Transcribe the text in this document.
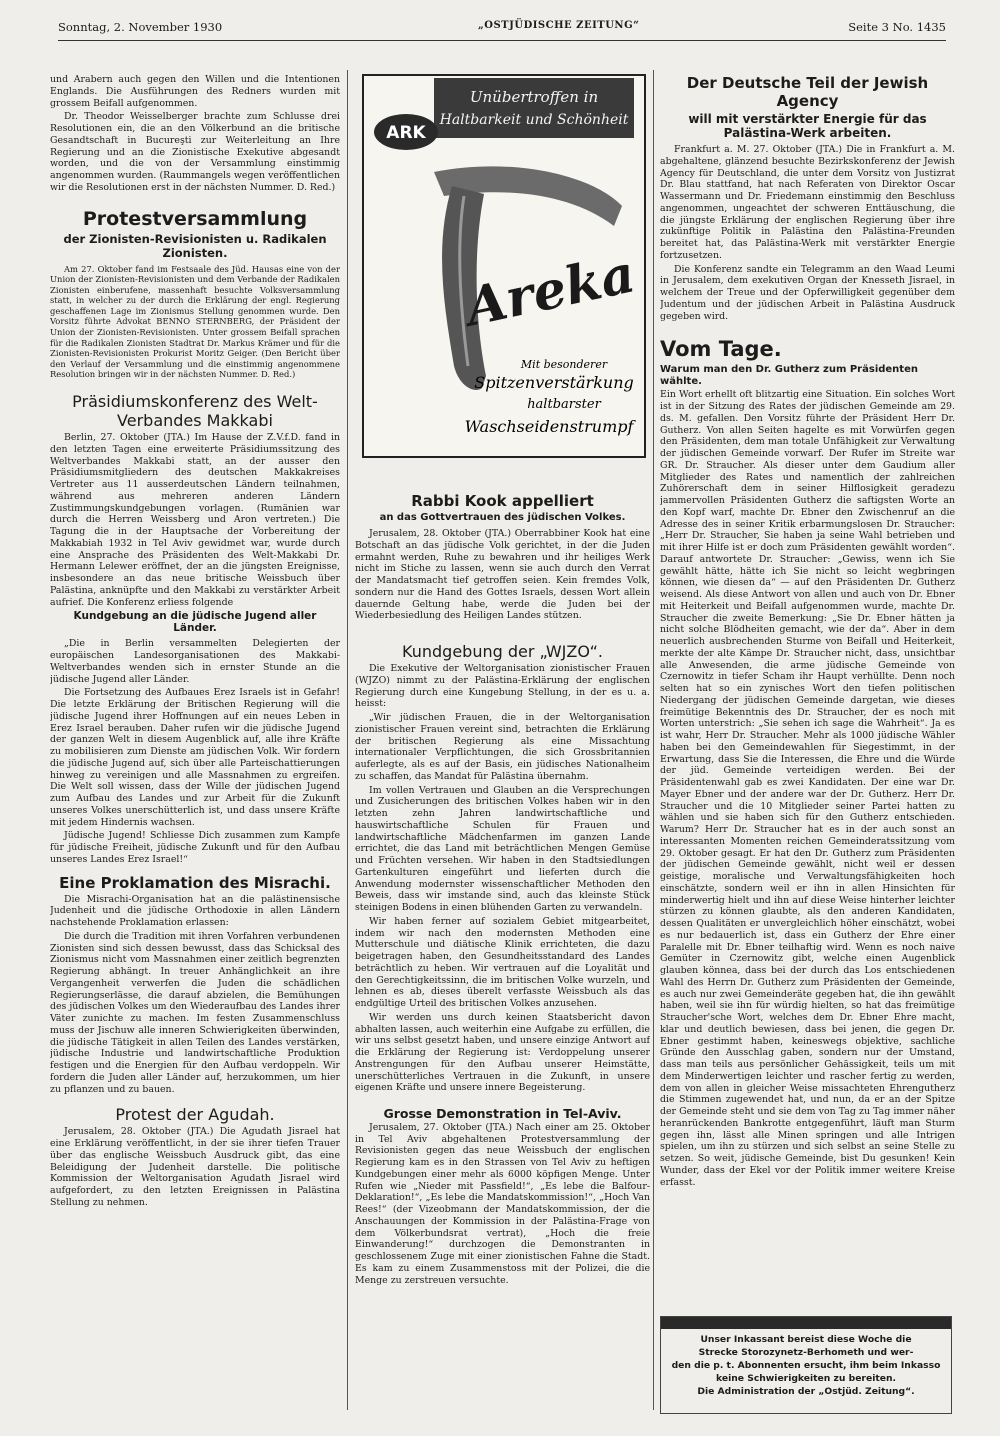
Sonntag, 2. November 1930	„OSTJÜDISCHE ZEITUNG“	Seite 3 No. 1435

und Arabern auch gegen den Willen und die Intentionen Englands. Die Ausführungen des Redners wurden mit grossem Beifall aufgenommen.

Dr. Theodor Weisselberger brachte zum Schlusse drei Resolutionen ein, die an den Völkerbund an die britische Gesandtschaft in Bucureşti zur Weiterleitung an Ihre Regierung und an die Zionistische Exekutive abgesandt worden, und die von der Versammlung einstimmig angenommen wurden. (Raummangels wegen veröffentlichen wir die Resolutionen erst in der nächsten Nummer. D. Red.)

Protestversammlung
der Zionisten-Revisionisten u. Radikalen Zionisten.

Am 27. Oktober fand im Festsaale des Jüd. Hausas eine von der Union der Zionisten-Revisionisten und dem Verbande der Radikalen Zionisten einberufene, massenhaft besuchte Volksversammlung statt, in welcher zu der durch die Erklärung der engl. Regierung geschaffenen Lage im Zionismus Stellung genommen wurde. Den Vorsitz führte Advokat BENNO STERNBERG, der Präsident der Union der Zionisten-Revisionisten. Unter grossem Beifall sprachen für die Radikalen Zionisten Stadtrat Dr. Markus Krämer und für die Zionisten-Revisionisten Prokurist Moritz Geiger. (Den Bericht über den Verlauf der Versammlung und die einstimmig angenommene Resolution bringen wir in der nächsten Nummer. D. Red.)

Präsidiumskonferenz des Welt-Verbandes Makkabi

Berlin, 27. Oktober (JTA.) Im Hause der Z.V.f.D. fand in den letzten Tagen eine erweiterte Präsidiumssitzung des Weltverbandes Makkabi statt, an der ausser den Präsidiumsmitgliedern des deutschen Makkakreises Vertreter aus 11 ausserdeutschen Ländern teilnahmen, während aus mehreren anderen Ländern Zustimmungskundgebungen vorlagen. (Rumänien war durch die Herren Weissberg und Aron vertreten.) Die Tagung die in der Hauptsache der Vorbereitung der Makkabiah 1932 in Tel Aviv gewidmet war, wurde durch eine Ansprache des Präsidenten des Welt-Makkabi Dr. Hermann Lelewer eröffnet, der an die jüngsten Ereignisse, insbesondere an das neue britische Weissbuch über Palästina, anknüpfte und den Makkabi zu verstärkter Arbeit aufrief. Die Konferenz erliess folgende

Kundgebung an die jüdische Jugend aller Länder.

„Die in Berlin versammelten Delegierten der europäischen Landesorganisationen des Makkabi-Weltverbandes wenden sich in ernster Stunde an die jüdische Jugend aller Länder.

Die Fortsetzung des Aufbaues Erez Israels ist in Gefahr! Die letzte Erklärung der Britischen Regierung will die jüdische Jugend ihrer Hoffnungen auf ein neues Leben in Erez Israel berauben. Daher rufen wir die jüdische Jugend der ganzen Welt in diesem Augenblick auf, alle ihre Kräfte zu mobilisieren zum Dienste am jüdischen Volk. Wir fordern die jüdische Jugend auf, sich über alle Parteischattierungen hinweg zu vereinigen und alle Massnahmen zu ergreifen. Die Welt soll wissen, dass der Wille der jüdischen Jugend zum Aufbau des Landes und zur Arbeit für die Zukunft unseres Volkes unerschütterlich ist, und dass unsere Kräfte mit jedem Hindernis wachsen.

Jüdische Jugend! Schliesse Dich zusammen zum Kampfe für jüdische Freiheit, jüdische Zukunft und für den Aufbau unseres Landes Erez Israel!“

Eine Proklamation des Misrachi.

Die Misrachi-Organisation hat an die palästinensische Judenheit und die jüdische Orthodoxie in allen Ländern nachstehende Proklamation erlassen:

Die durch die Tradition mit ihren Vorfahren verbundenen Zionisten sind sich dessen bewusst, dass das Schicksal des Zionismus nicht vom Massnahmen einer zeitlich begrenzten Regierung abhängt. In treuer Anhänglichkeit an ihre Vergangenheit verwerfen die Juden die schädlichen Regierungserlässe, die darauf abzielen, die Bemühungen des jüdischen Volkes um den Wiederaufbau des Landes ihrer Väter zunichte zu machen. Im festen Zusammenschluss muss der Jischuw alle inneren Schwierigkeiten überwinden, die jüdische Tätigkeit in allen Teilen des Landes verstärken, jüdische Industrie und landwirtschaftliche Produktion festigen und die Energien für den Aufbau verdoppeln. Wir fordern die Juden aller Länder auf, herzukommen, um hier zu pflanzen und zu bauen.

Protest der Agudah.

Jerusalem, 28. Oktober (JTA.) Die Agudath Jisrael hat eine Erklärung veröffentlicht, in der sie ihrer tiefen Trauer über das englische Weissbuch Ausdruck gibt, das eine Beleidigung der Judenheit darstelle. Die politische Kommission der Weltorganisation Agudath Jisrael wird aufgefordert, zu den letzten Ereignissen in Palästina Stellung zu nehmen.

Unübertroffen in
Haltbarkeit und Schönheit
ARK
Areka
Mit besonderer
Spitzenverstärkung
haltbarster
Waschseidenstrumpf
Rabbi Kook appelliert
an das Gottvertrauen des jüdischen Volkes.

Jerusalem, 28. Oktober (JTA.) Oberrabbiner Kook hat eine Botschaft an das jüdische Volk gerichtet, in der die Juden ermahnt werden, Ruhe zu bewahren und ihr heiliges Werk nicht im Stiche zu lassen, wenn sie auch durch den Verrat der Mandatsmacht tief getroffen seien. Kein fremdes Volk, sondern nur die Hand des Gottes Israels, dessen Wort allein dauernde Geltung habe, werde die Juden bei der Wiederbesiedlung des Heiligen Landes stützen.

Kundgebung der „WJZO“.

Die Exekutive der Weltorganisation zionistischer Frauen (WJZO) nimmt zu der Palästina-Erklärung der englischen Regierung durch eine Kungebung Stellung, in der es u. a. heisst:

„Wir jüdischen Frauen, die in der Weltorganisation zionistischer Frauen vereint sind, betrachten die Erklärung der britischen Regierung als eine Missachtung internationaler Verpflichtungen, die sich Grossbritannien auferlegte, als es auf der Basis, ein jüdisches Nationalheim zu schaffen, das Mandat für Palästina übernahm.

Im vollen Vertrauen und Glauben an die Versprechungen und Zusicherungen des britischen Volkes haben wir in den letzten zehn Jahren landwirtschaftliche und hauswirtschaftliche Schulen für Frauen und landwirtschaftliche Mädchenfarmen im ganzen Lande errichtet, die das Land mit beträchtlichen Mengen Gemüse und Früchten versehen. Wir haben in den Stadtsiedlungen Gartenkulturen eingeführt und lieferten durch die Anwendung modernster wissenschaftlicher Methoden den Beweis, dass wir imstande sind, auch das kleinste Stück steinigen Bodens in einen blühenden Garten zu verwandeln.

Wir haben ferner auf sozialem Gebiet mitgearbeitet, indem wir nach den modernsten Methoden eine Mutterschule und diätische Klinik errichteten, die dazu beigetragen haben, den Gesundheitsstandard des Landes beträchtlich zu heben. Wir vertrauen auf die Loyalität und den Gerechtigkeitssinn, die im britischen Volke wurzeln, und lehnen es ab, dieses überelt verfasste Weissbuch als das endgültige Urteil des britischen Volkes anzusehen.

Wir werden uns durch keinen Staatsbericht davon abhalten lassen, auch weiterhin eine Aufgabe zu erfüllen, die wir uns selbst gesetzt haben, und unsere einzige Antwort auf die Erklärung der Regierung ist: Verdoppelung unserer Anstrengungen für den Aufbau unserer Heimstätte, unerschütterliches Vertrauen in die Zukunft, in unsere eigenen Kräfte und unsere innere Begeisterung.

Grosse Demonstration in Tel-Aviv.

Jerusalem, 27. Oktober (JTA.) Nach einer am 25. Oktober in Tel Aviv abgehaltenen Protestversammlung der Revisionisten gegen das neue Weissbuch der englischen Regierung kam es in den Strassen von Tel Aviv zu heftigen Kundgebungen einer mehr als 6000 köpfigen Menge. Unter Rufen wie „Nieder mit Passfield!“, „Es lebe die Balfour-Deklaration!“, „Es lebe die Mandatskommission!“, „Hoch Van Rees!“ (der Vizeobmann der Mandatskommission, der die Anschauungen der Kommission in der Palästina-Frage von dem Völkerbundsrat vertrat), „Hoch die freie Einwanderung!“ durchzogen die Demonstranten in geschlossenem Zuge mit einer zionistischen Fahne die Stadt. Es kam zu einem Zusammenstoss mit der Polizei, die die Menge zu zerstreuen versuchte.

Der Deutsche Teil der Jewish Agency
will mit verstärkter Energie für das Palästina-Werk arbeiten.

Frankfurt a. M. 27. Oktober (JTA.) Die in Frankfurt a. M. abgehaltene, glänzend besuchte Bezirkskonferenz der Jewish Agency für Deutschland, die unter dem Vorsitz von Justizrat Dr. Blau stattfand, hat nach Referaten von Direktor Oscar Wassermann und Dr. Friedemann einstimmig den Beschluss angenommen, ungeachtet der schweren Enttäuschung, die die jüngste Erklärung der englischen Regierung über ihre zukünftige Politik in Palästina den Palästina-Freunden bereitet hat, das Palästina-Werk mit verstärkter Energie fortzusetzen.

Die Konferenz sandte ein Telegramm an den Waad Leumi in Jerusalem, dem exekutiven Organ der Knesseth Jisrael, in welchem der Treue und der Opferwilligkeit gegenüber dem Judentum und der jüdischen Arbeit in Palästina Ausdruck gegeben wird.

Vom Tage.
Warum man den Dr. Gutherz zum Präsidenten wählte.

Ein Wort erhellt oft blitzartig eine Situation. Ein solches Wort ist in der Sitzung des Rates der jüdischen Gemeinde am 29. ds. M. gefallen. Den Vorsitz führte der Präsident Herr Dr. Gutherz. Von allen Seiten hagelte es mit Vorwürfen gegen den Präsidenten, dem man totale Unfähigkeit zur Verwaltung der jüdischen Gemeinde vorwarf. Der Rufer im Streite war GR. Dr. Straucher. Als dieser unter dem Gaudium aller Mitglieder des Rates und namentlich der zahlreichen Zuhörerschaft dem in seiner Hilflosigkeit geradezu jammervollen Präsidenten Gutherz die saftigsten Worte an den Kopf warf, machte Dr. Ebner den Zwischenruf an die Adresse des in seiner Kritik erbarmungslosen Dr. Straucher: „Herr Dr. Straucher, Sie haben ja seine Wahl betrieben und mit ihrer Hilfe ist er doch zum Präsidenten gewählt worden“. Darauf antwortete Dr. Straucher: „Gewiss, wenn ich Sie gewählt hätte, hätte ich Sie nicht so leicht wegbringen können, wie diesen da“ — auf den Präsidenten Dr. Gutherz weisend. Als diese Antwort von allen und auch von Dr. Ebner mit Heiterkeit und Beifall aufgenommen wurde, machte Dr. Straucher die zweite Bemerkung: „Sie Dr. Ebner hätten ja nicht solche Blödheiten gemacht, wie der da“. Aber in dem neuerlich ausbrechenden Sturme von Beifall und Heiterkeit, merkte der alte Kämpe Dr. Straucher nicht, dass, unsichtbar alle Anwesenden, die arme jüdische Gemeinde von Czernowitz in tiefer Scham ihr Haupt verhüllte. Denn noch selten hat so ein zynisches Wort den tiefen politischen Niedergang der jüdischen Gemeinde dargetan, wie dieses freimütige Bekenntnis des Dr. Straucher, der es noch mit Worten unterstrich: „Sie sehen ich sage die Wahrheit“. Ja es ist wahr, Herr Dr. Straucher. Mehr als 1000 jüdische Wähler haben bei den Gemeindewahlen für Siegestimmt, in der Erwartung, dass Sie die Interessen, die Ehre und die Würde der jüd. Gemeinde verteidigen werden. Bei der Präsidentenwahl gab es zwei Kandidaten. Der eine war Dr. Mayer Ebner und der andere war der Dr. Gutherz. Herr Dr. Straucher und die 10 Mitglieder seiner Partei hatten zu wählen und sie haben sich für den Gutherz entschieden. Warum? Herr Dr. Straucher hat es in der auch sonst an interessanten Momenten reichen Gemeinderatssitzung vom 29. Oktober gesagt. Er hat den Dr. Gutherz zum Präsidenten der jüdischen Gemeinde gewählt, nicht weil er dessen geistige, moralische und Verwaltungsfähigkeiten hoch einschätzte, sondern weil er ihn in allen Hinsichten für minderwertig hielt und ihn auf diese Weise hinterher leichter stürzen zu können glaubte, als den anderen Kandidaten, dessen Qualitäten er unvergleichlich höher einschätzt, wobei es nur bedauerlich ist, dass ein Gutherz der Ehre einer Paralelle mit Dr. Ebner teilhaftig wird. Wenn es noch naive Gemüter in Czernowitz gibt, welche einen Augenblick glauben könnea, dass bei der durch das Los entschiedenen Wahl des Herrn Dr. Gutherz zum Präsidenten der Gemeinde, es auch nur zwei Gemeinderäte gegeben hat, die ihn gewählt haben, weil sie ihn für würdig hielten, so hat das freimütige Straucher'sche Wort, welches dem Dr. Ebner Ehre macht, klar und deutlich bewiesen, dass bei jenen, die gegen Dr. Ebner gestimmt haben, keineswegs objektive, sachliche Gründe den Ausschlag gaben, sondern nur der Umstand, dass man teils aus persönlicher Gehässigkeit, teils um mit dem Minderwertigen leichter und rascher fertig zu werden, dem von allen in gleicher Weise missachteten Ehrengutherz die Stimmen zugewendet hat, und nun, da er an der Spitze der Gemeinde steht und sie dem von Tag zu Tag immer näher heranrückenden Bankrotte entgegenführt, läuft man Sturm gegen ihn, lässt alle Minen springen und alle Intrigen spielen, um ihn zu stürzen und sich selbst an seine Stelle zu setzen. So weit, jüdische Gemeinde, bist Du gesunken! Kein Wunder, dass der Ekel vor der Politik immer weitere Kreise erfasst.

Unser Inkassant bereist diese Woche die
Strecke Storozynetz-Berhometh und wer-
den die p. t. Abonnenten ersucht, ihm beim Inkasso keine Schwierigkeiten zu bereiten.
Die Administration der „Ostjüd. Zeitung“.
